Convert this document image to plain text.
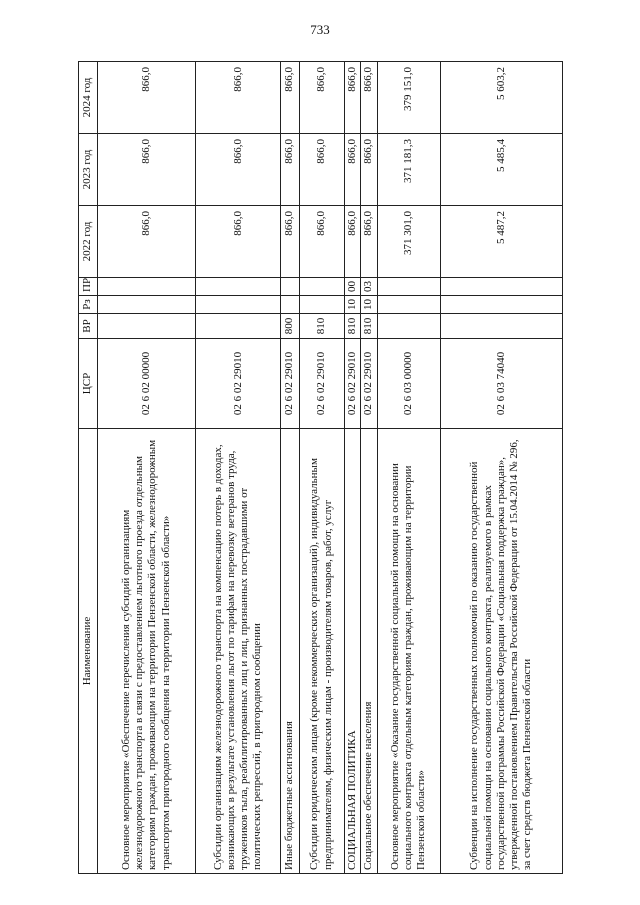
733
Наименование	ЦСР	ВР	Рз	ПР	2022 год	2023 год	2024 год
Основное мероприятие «Обеспечение перечисления субсидий организациям железнодорожного транспорта в связи с предоставлением льготного проезда отдельным категориям граждан, проживающим на территории Пензенской области, железнодорожным транспортом пригородного сообщения на территории Пензенской области»	02 6 02 00000				866,0	866,0	866,0
Субсидии организациям железнодорожного транспорта на компенсацию потерь в доходах, возникающих в результате установления льгот по тарифам на перевозку ветеранов труда, тружеников тыла, реабилитированных лиц и лиц, признанных пострадавшими от политических репрессий, в пригородном сообщении	02 6 02 29010				866,0	866,0	866,0
Иные бюджетные ассигнования	02 6 02 29010	800			866,0	866,0	866,0
Субсидии юридическим лицам (кроме некоммерческих организаций), индивидуальным предпринимателям, физическим лицам - производителям товаров, работ, услуг	02 6 02 29010	810			866,0	866,0	866,0
СОЦИАЛЬНАЯ ПОЛИТИКА	02 6 02 29010	810	10	00	866,0	866,0	866,0
Социальное обеспечение населения	02 6 02 29010	810	10	03	866,0	866,0	866,0
Основное мероприятие «Оказание государственной социальной помощи на основании социального контракта отдельным категориям граждан, проживающим на территории Пензенской области»	02 6 03 00000				371 301,0	371 181,3	379 151,0
Субвенции на исполнение государственных полномочий по оказанию государственной социальной помощи на основании социального контракта, реализуемого в рамках государственной программы Российской Федерации «Социальная поддержка граждан», утвержденной постановлением Правительства Российской Федерации от 15.04.2014 № 296, за счет средств бюджета Пензенской области	02 6 03 74040				5 487,2	5 485,4	5 603,2
